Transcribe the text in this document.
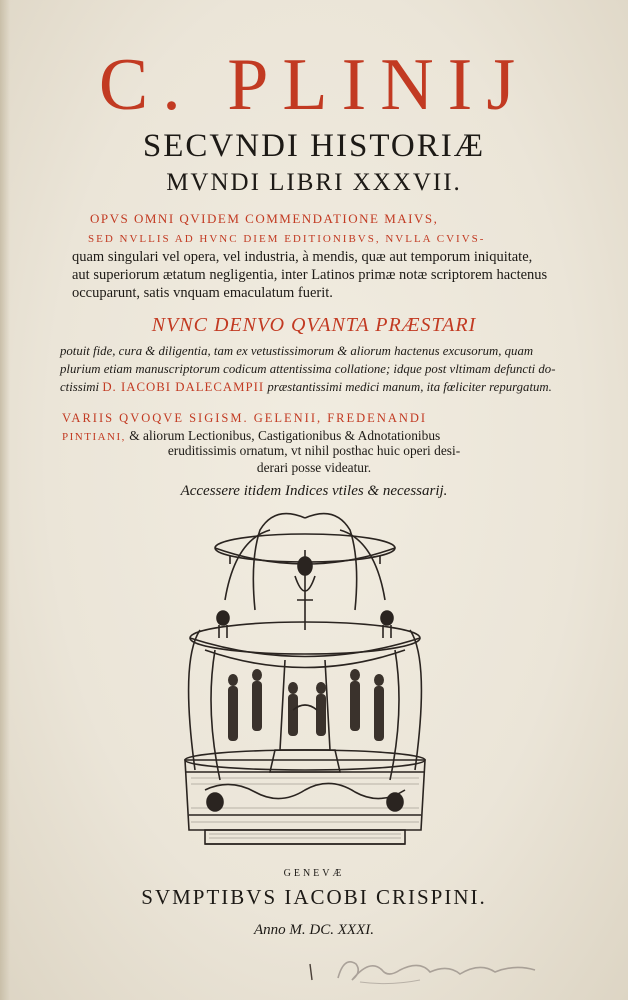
C. PLINIJ
SECVNDI HISTORIÆ
MVNDI LIBRI XXXVII.
OPVS OMNI QVIDEM COMMENDATIONE MAIVS,
SED NVLLIS AD HVNC DIEM EDITIONIBVS, NVLLA CVIVS-
quam singulari vel opera, vel industria, à mendis, quæ aut temporum iniquitate,
aut superiorum ætatum negligentia, inter Latinos primæ notæ scriptorem hactenus
occuparunt, satis vnquam emaculatum fuerit.
NVNC DENVO QVANTA PRÆSTARI
potuit fide, cura & diligentia, tam ex vetustissimorum & aliorum hactenus excusorum, quam
plurium etiam manuscriptorum codicum attentissima collatione; idque post vltimam defuncti do-
ctissimi D. IACOBI DALECAMPII præstantissimi medici manum, ita fœliciter repurgatum.
VARIIS QVOQVE SIGISM. GELENII, FREDENANDI
PINTIANI, & aliorum Lectionibus, Castigationibus & Adnotationibus
eruditissimis ornatum, vt nihil posthac huic operi desi-
derari posse videatur.
Accessere itidem Indices vtiles & necessarij.
GENEVÆ
SVMPTIBVS IACOBI CRISPINI.
Anno M. DC. XXXI.
